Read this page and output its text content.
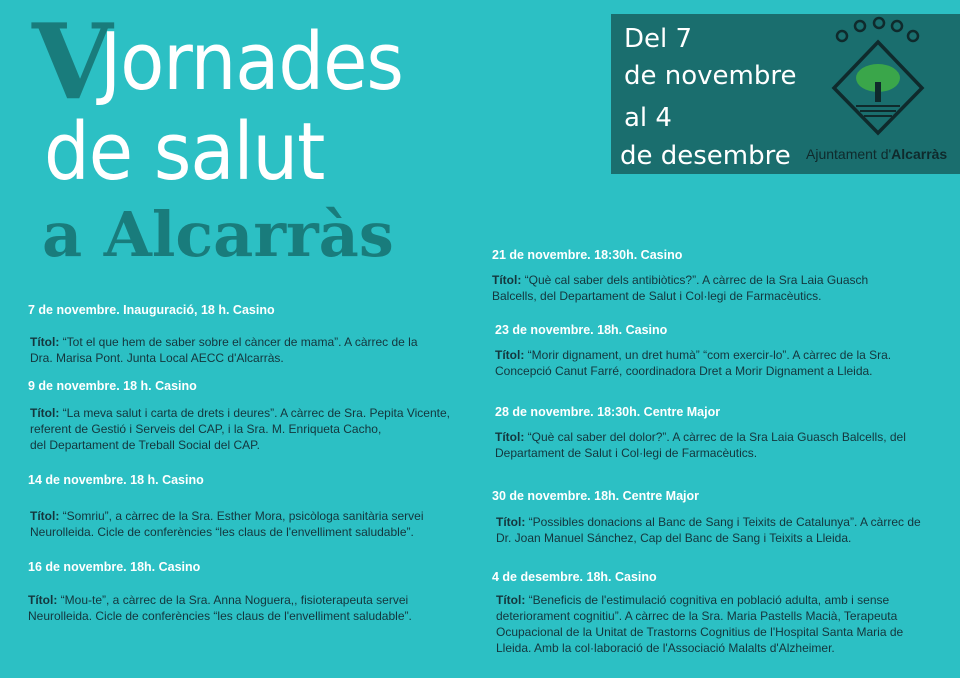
V
Jornades
de salut
a Alcarràs
Del 7
de novembre
al 4
de desembre Ajuntament d'Alcarràs
7 de novembre. Inauguració, 18 h. Casino
Títol: “Tot el que hem de saber sobre el càncer de mama”. A càrrec de la
Dra. Marisa Pont. Junta Local AECC d'Alcarràs.
9 de novembre. 18 h. Casino
Títol: “La meva salut i carta de drets i deures”. A càrrec de Sra. Pepita Vicente,
referent de Gestió i Serveis del CAP, i la Sra. M. Enriqueta Cacho,
del Departament de Treball Social del CAP.
14 de novembre. 18 h. Casino
Títol: “Somriu”, a càrrec de la Sra. Esther Mora, psicòloga sanitària servei
Neurolleida. Cicle de conferències “les claus de l'envelliment saludable”.
16 de novembre. 18h. Casino
Títol: “Mou-te”, a càrrec de la Sra. Anna Noguera,, fisioterapeuta servei
Neurolleida. Cicle de conferències “les claus de l'envelliment saludable”.
21 de novembre. 18:30h. Casino
Títol: “Què cal saber dels antibiòtics?”. A càrrec de la Sra Laia Guasch
Balcells, del Departament de Salut i Col·legi de Farmacèutics.
23 de novembre. 18h. Casino
Títol: “Morir dignament, un dret humà” “com exercir-lo”. A càrrec de la Sra.
Concepció Canut Farré, coordinadora Dret a Morir Dignament a Lleida.
28 de novembre. 18:30h. Centre Major
Títol: “Què cal saber del dolor?”. A càrrec de la Sra Laia Guasch Balcells, del
Departament de Salut i Col·legi de Farmacèutics.
30 de novembre. 18h. Centre Major
Títol: “Possibles donacions al Banc de Sang i Teixits de Catalunya”. A càrrec de
Dr. Joan Manuel Sánchez, Cap del Banc de Sang i Teixits a Lleida.
4 de desembre. 18h. Casino
Títol: “Beneficis de l'estimulació cognitiva en població adulta, amb i sense
deteriorament cognitiu”. A càrrec de la Sra. Maria Pastells Macià, Terapeuta
Ocupacional de la Unitat de Trastorns Cognitius de l'Hospital Santa Maria de
Lleida. Amb la col·laboració de l'Associació Malalts d'Alzheimer.
